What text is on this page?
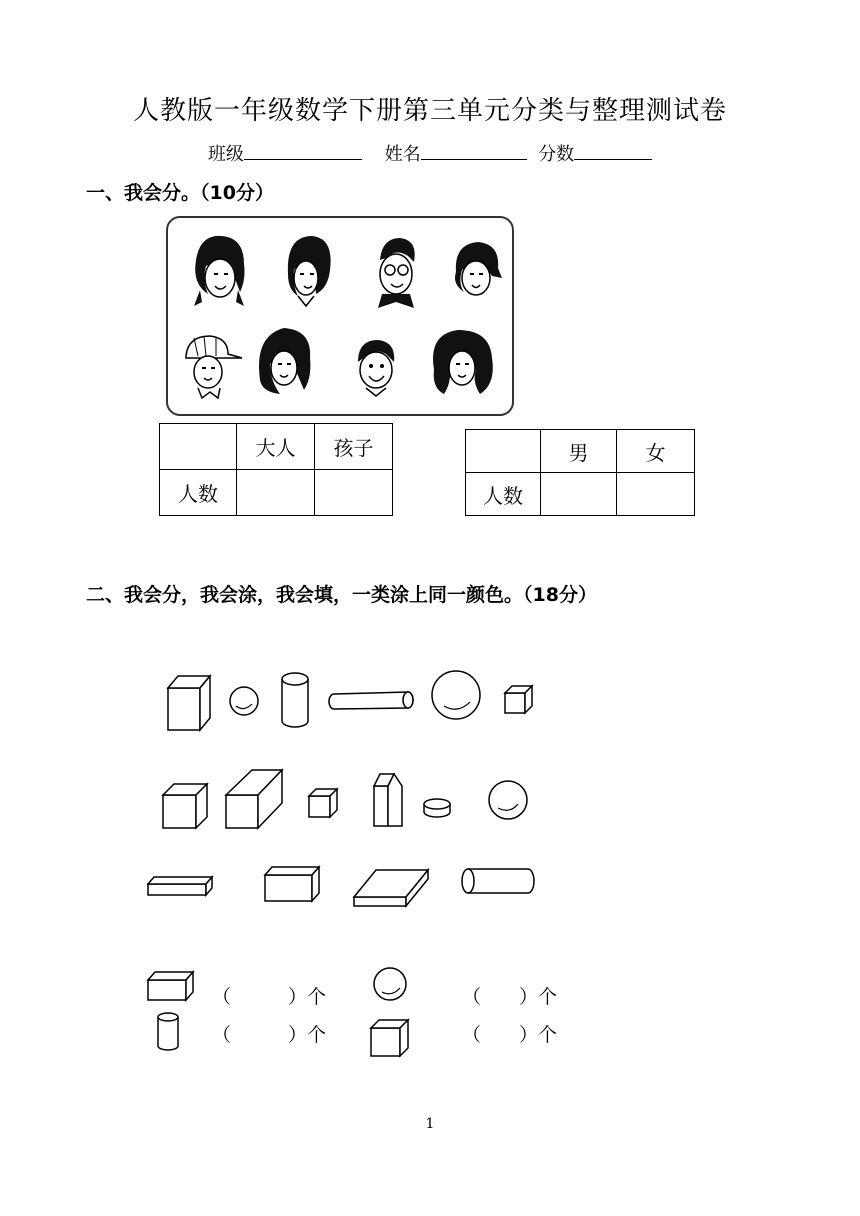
人教版一年级数学下册第三单元分类与整理测试卷
班级	姓名	分数
一、我会分。（10分）
	大人	孩子
人数		
	男	女
人数		
二、我会分，我会涂，我会填，一类涂上同一颜色。（18分）
（　　　）个	（　　）个
（　　　）个	（　　）个
1
